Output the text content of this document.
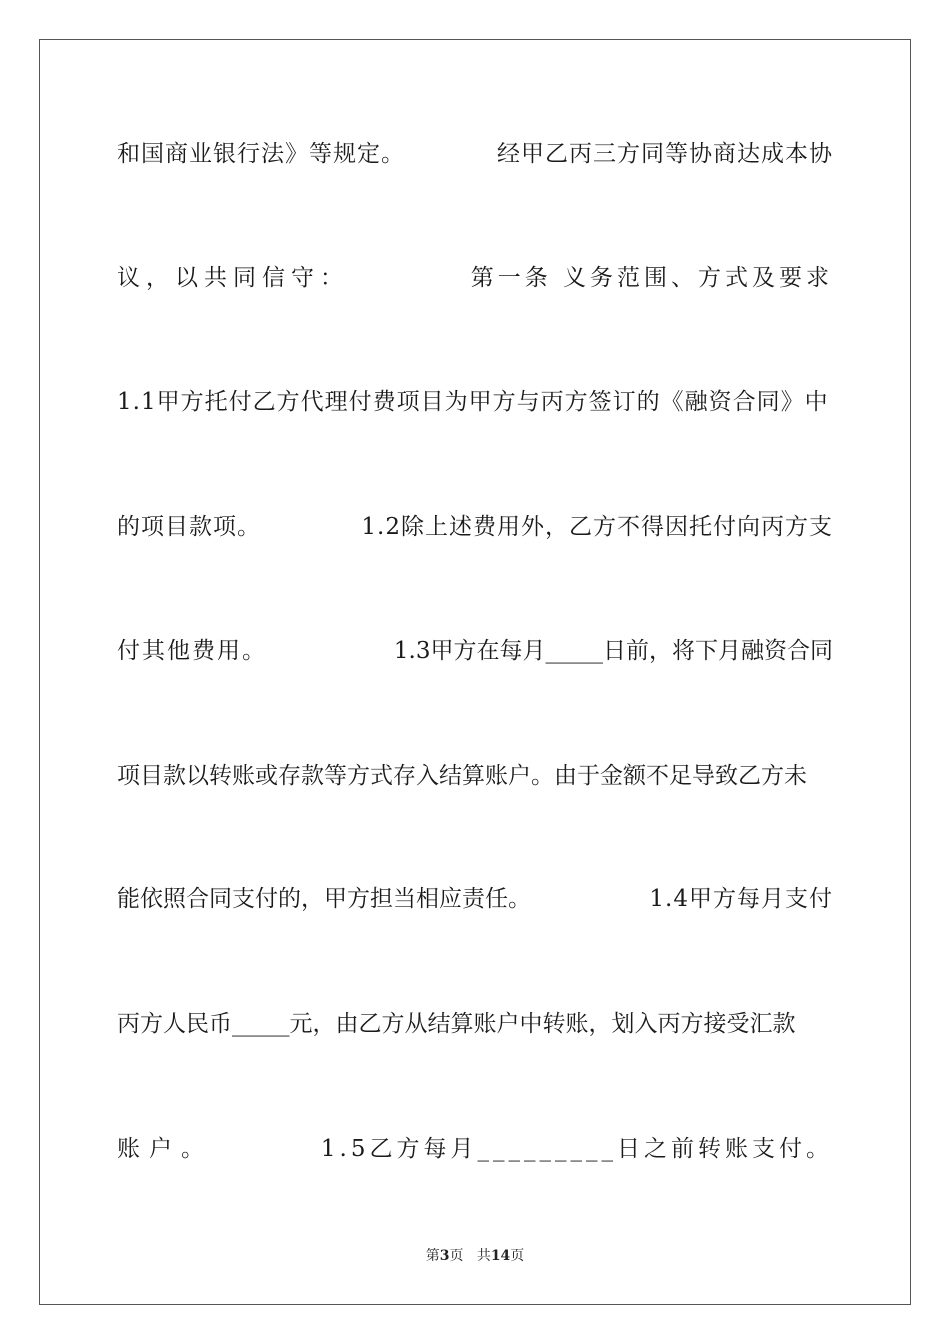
和国商业银行法》等规定。	经甲乙丙三方同等协商达成本协
议，以共同信守：	第一条 义务范围、方式及要求
1.1甲方托付乙方代理付费项目为甲方与丙方签订的《融资合同》中
的项目款项。	1.2除上述费用外，乙方不得因托付向丙方支
付其他费用。	1.3甲方在每月_____日前，将下月融资合同
项目款以转账或存款等方式存入结算账户。由于金额不足导致乙方未
能依照合同支付的，甲方担当相应责任。	1.4甲方每月支付
丙方人民币_____元，由乙方从结算账户中转账，划入丙方接受汇款
账户。	1.5乙方每月_________日之前转账支付。
第3页 共14页
